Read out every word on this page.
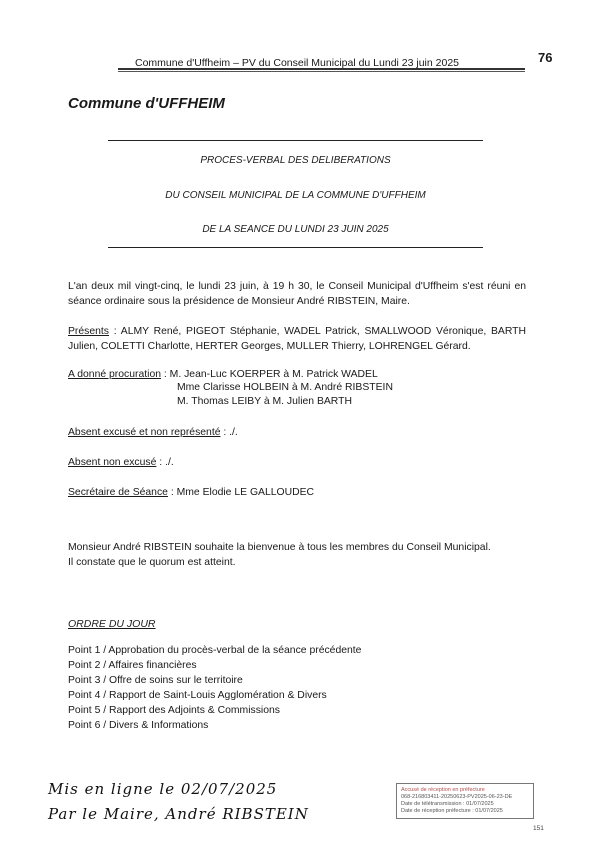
Commune d'Uffheim – PV du Conseil Municipal du Lundi 23 juin 2025	76
Commune d'UFFHEIM
PROCES-VERBAL DES DELIBERATIONS
DU CONSEIL MUNICIPAL DE LA COMMUNE D'UFFHEIM
DE LA SEANCE DU LUNDI 23 JUIN 2025
L'an deux mil vingt-cinq, le lundi 23 juin, à 19 h 30, le Conseil Municipal d'Uffheim s'est réuni en séance ordinaire sous la présidence de Monsieur André RIBSTEIN, Maire.
Présents : ALMY René, PIGEOT Stéphanie, WADEL Patrick, SMALLWOOD Véronique, BARTH Julien, COLETTI Charlotte, HERTER Georges, MULLER Thierry, LOHRENGEL Gérard.
A donné procuration : M. Jean-Luc KOERPER à M. Patrick WADEL
Mme Clarisse HOLBEIN à M. André RIBSTEIN
M. Thomas LEIBY à M. Julien BARTH
Absent excusé et non représenté : ./.
Absent non excusé : ./.
Secrétaire de Séance : Mme Elodie LE GALLOUDEC
Monsieur André RIBSTEIN souhaite la bienvenue à tous les membres du Conseil Municipal.
Il constate que le quorum est atteint.
ORDRE DU JOUR
Point 1 / Approbation du procès-verbal de la séance précédente
Point 2 / Affaires financières
Point 3 / Offre de soins sur le territoire
Point 4 / Rapport de Saint-Louis Agglomération & Divers
Point 5 / Rapport des Adjoints & Commissions
Point 6 / Divers & Informations
Mis en ligne le 02/07/2025
Par le Maire, André RIBSTEIN
Accusé de réception en préfecture
068-216803411-20250623-PV2025-06-23-DE
Date de télétransmission : 01/07/2025
Date de réception préfecture : 01/07/2025
151
